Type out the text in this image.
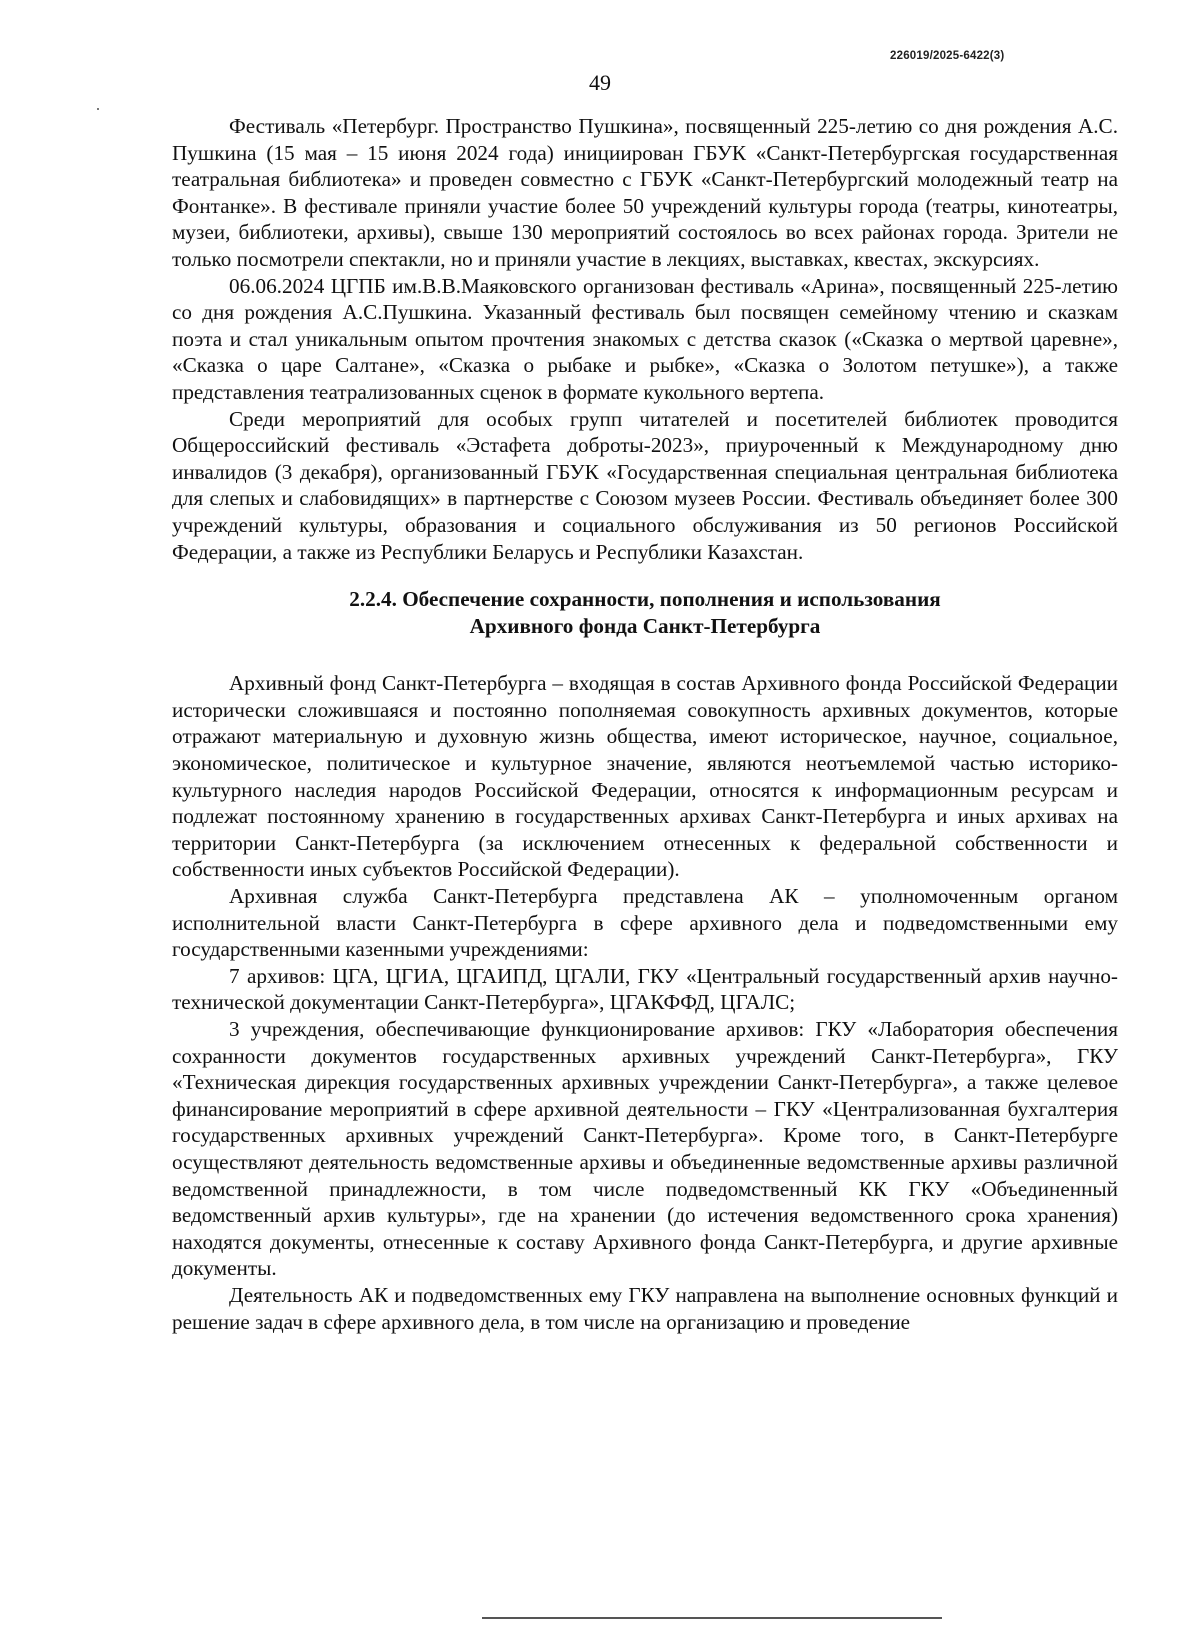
226019/2025-6422(3)
49

Фестиваль «Петербург. Пространство Пушкина», посвященный 225-летию со дня рождения А.С. Пушкина (15 мая – 15 июня 2024 года) инициирован ГБУК «Санкт-Петербургская государственная театральная библиотека» и проведен совместно с ГБУК «Санкт-Петербургский молодежный театр на Фонтанке». В фестивале приняли участие более 50 учреждений культуры города (театры, кинотеатры, музеи, библиотеки, архивы), свыше 130 мероприятий состоялось во всех районах города. Зрители не только посмотрели спектакли, но и приняли участие в лекциях, выставках, квестах, экскурсиях.

06.06.2024 ЦГПБ им.В.В.Маяковского организован фестиваль «Арина», посвященный 225-летию со дня рождения А.С.Пушкина. Указанный фестиваль был посвящен семейному чтению и сказкам поэта и стал уникальным опытом прочтения знакомых с детства сказок («Сказка о мертвой царевне», «Сказка о царе Салтане», «Сказка о рыбаке и рыбке», «Сказка о Золотом петушке»), а также представления театрализованных сценок в формате кукольного вертепа.

Среди мероприятий для особых групп читателей и посетителей библиотек проводится Общероссийский фестиваль «Эстафета доброты-2023», приуроченный к Международному дню инвалидов (3 декабря), организованный ГБУК «Государственная специальная центральная библиотека для слепых и слабовидящих» в партнерстве с Союзом музеев России. Фестиваль объединяет более 300 учреждений культуры, образования и социального обслуживания из 50 регионов Российской Федерации, а также из Республики Беларусь и Республики Казахстан.

2.2.4. Обеспечение сохранности, пополнения и использования
Архивного фонда Санкт-Петербурга

Архивный фонд Санкт-Петербурга – входящая в состав Архивного фонда Российской Федерации исторически сложившаяся и постоянно пополняемая совокупность архивных документов, которые отражают материальную и духовную жизнь общества, имеют историческое, научное, социальное, экономическое, политическое и культурное значение, являются неотъемлемой частью историко-культурного наследия народов Российской Федерации, относятся к информационным ресурсам и подлежат постоянному хранению в государственных архивах Санкт-Петербурга и иных архивах на территории Санкт-Петербурга (за исключением отнесенных к федеральной собственности и собственности иных субъектов Российской Федерации).

Архивная служба Санкт-Петербурга представлена АК – уполномоченным органом исполнительной власти Санкт-Петербурга в сфере архивного дела и подведомственными ему государственными казенными учреждениями:

7 архивов: ЦГА, ЦГИА, ЦГАИПД, ЦГАЛИ, ГКУ «Центральный государственный архив научно-технической документации Санкт-Петербурга», ЦГАКФФД, ЦГАЛС;

3 учреждения, обеспечивающие функционирование архивов: ГКУ «Лаборатория обеспечения сохранности документов государственных архивных учреждений Санкт-Петербурга», ГКУ «Техническая дирекция государственных архивных учреждении Санкт-Петербурга», а также целевое финансирование мероприятий в сфере архивной деятельности – ГКУ «Централизованная бухгалтерия государственных архивных учреждений Санкт-Петербурга». Кроме того, в Санкт-Петербурге осуществляют деятельность ведомственные архивы и объединенные ведомственные архивы различной ведомственной принадлежности, в том числе подведомственный КК ГКУ «Объединенный ведомственный архив культуры», где на хранении (до истечения ведомственного срока хранения) находятся документы, отнесенные к составу Архивного фонда Санкт-Петербурга, и другие архивные документы.

Деятельность АК и подведомственных ему ГКУ направлена на выполнение основных функций и решение задач в сфере архивного дела, в том числе на организацию и проведение
